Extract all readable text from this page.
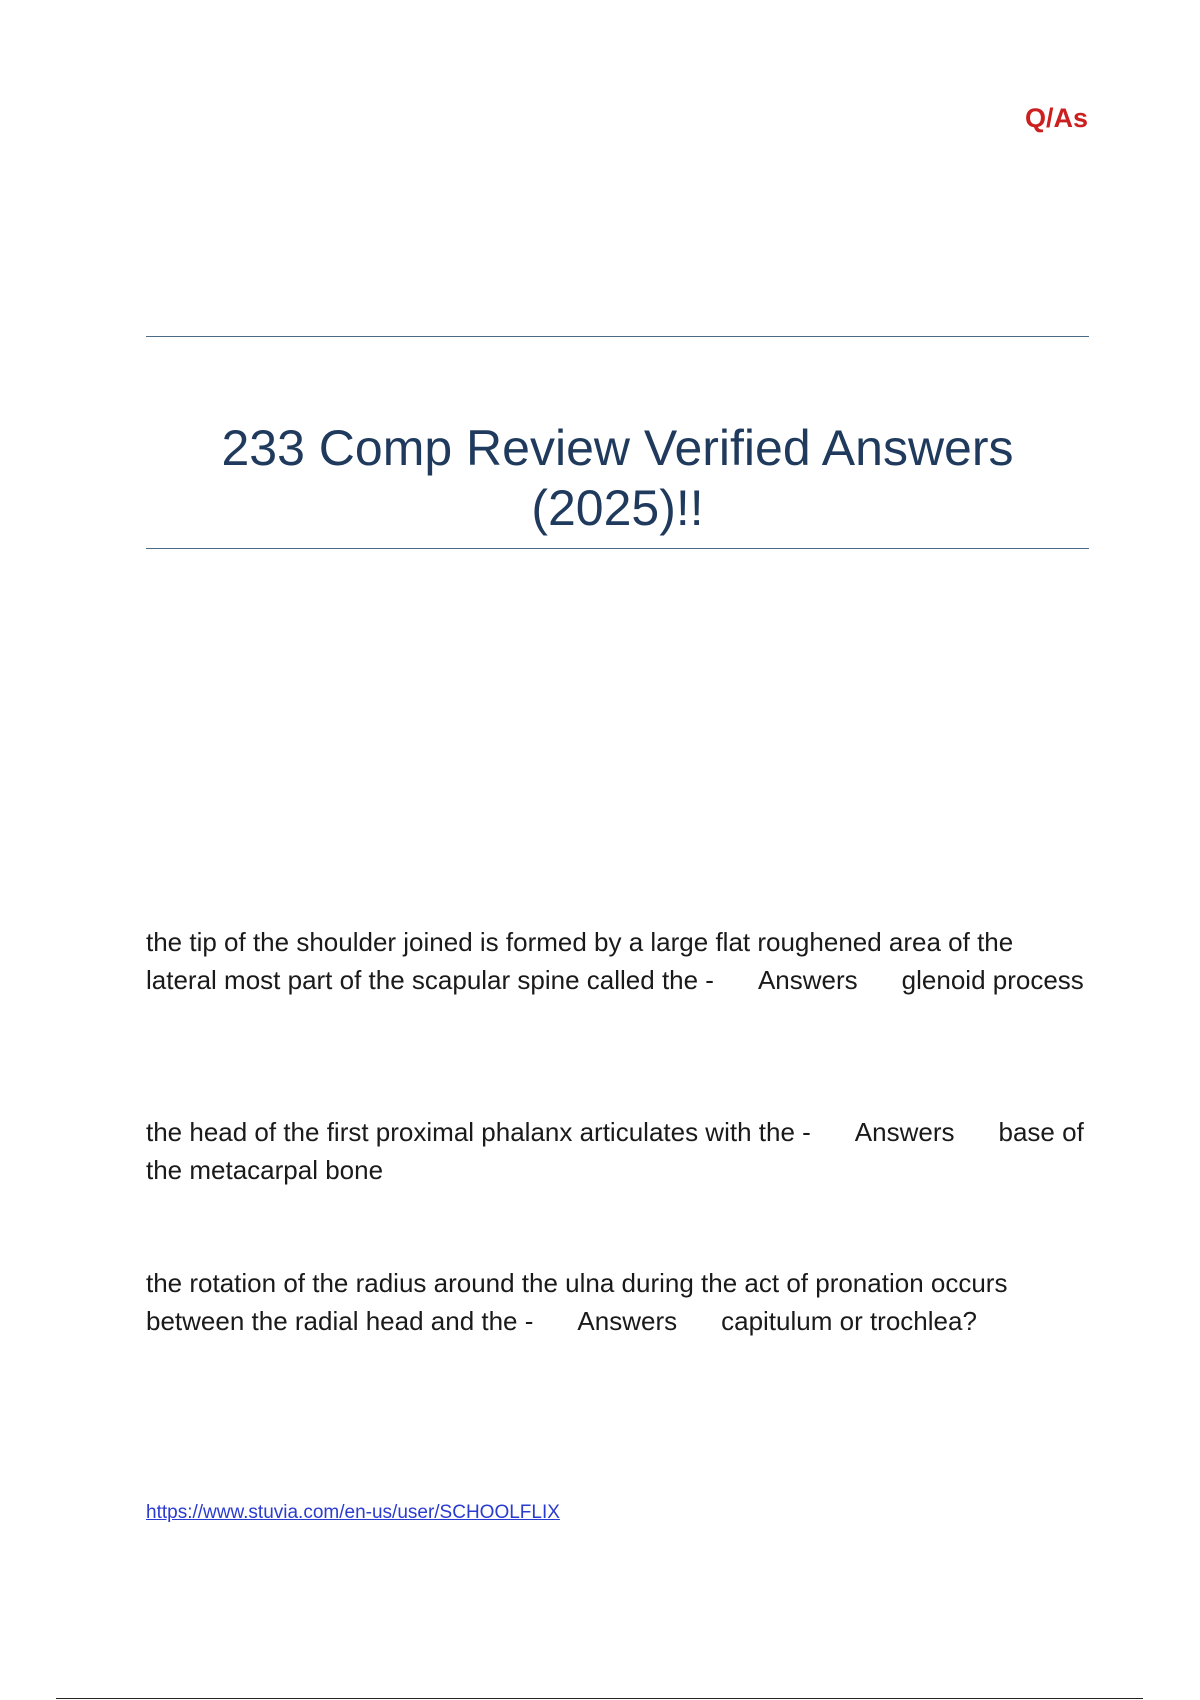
Q/As
233 Comp Review Verified Answers
(2025)!!
the tip of the shoulder joined is formed by a large flat roughened area of the lateral most part of the scapular spine called the - Answers glenoid process
the head of the first proximal phalanx articulates with the - Answers base of the metacarpal bone
the rotation of the radius around the ulna during the act of pronation occurs between the radial head and the - Answers capitulum or trochlea?
https://www.stuvia.com/en-us/user/SCHOOLFLIX
